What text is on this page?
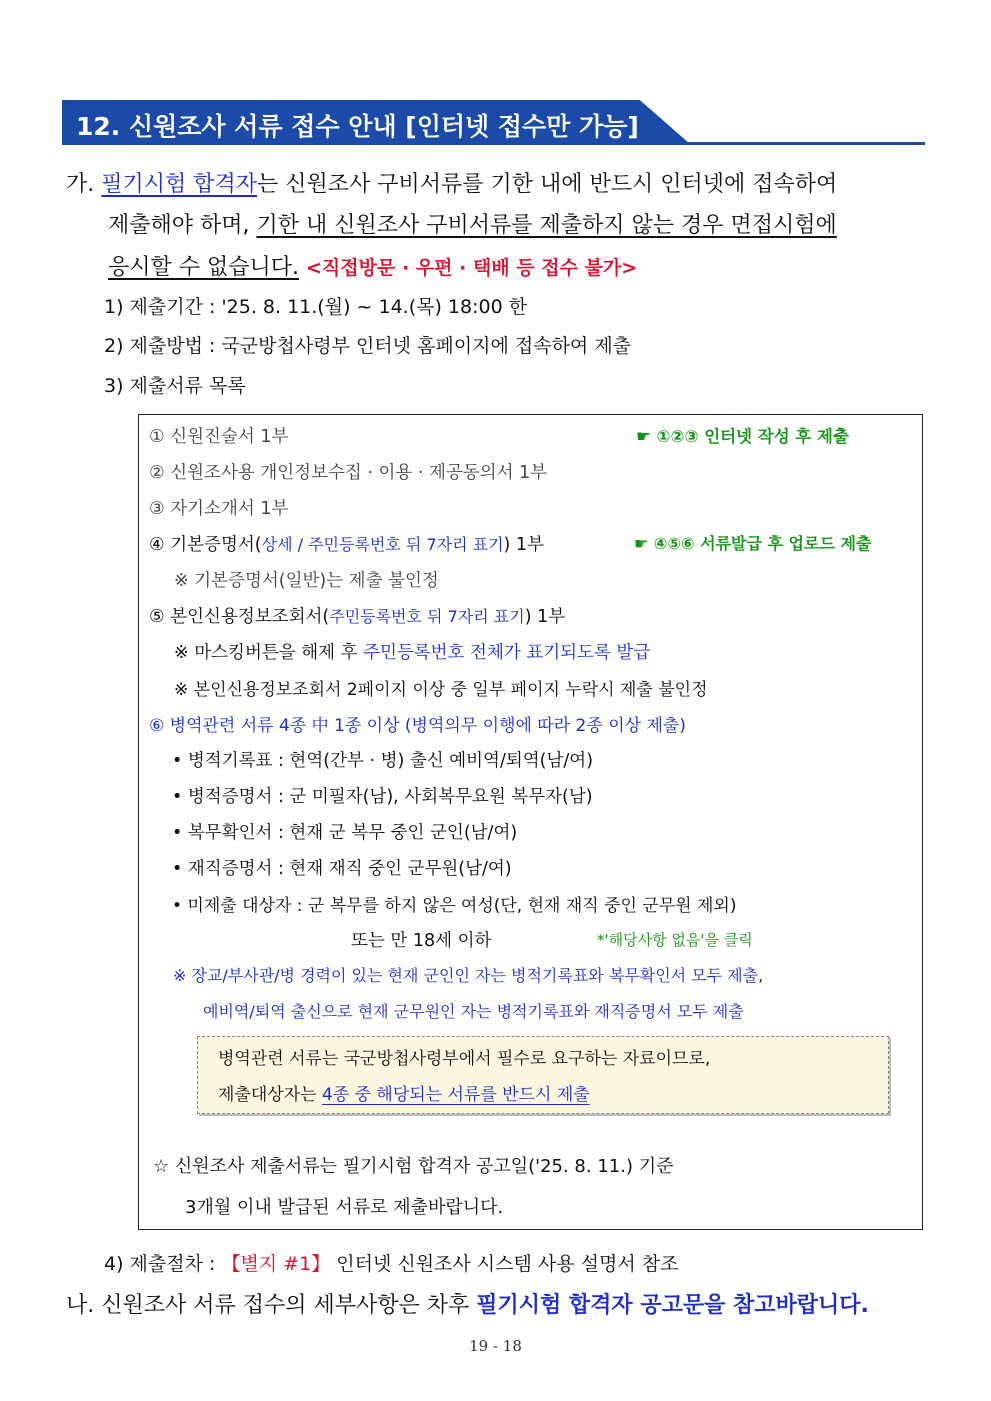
12. 신원조사 서류 접수 안내 [인터넷 접수만 가능]
가. 필기시험 합격자는 신원조사 구비서류를 기한 내에 반드시 인터넷에 접속하여
제출해야 하며, 기한 내 신원조사 구비서류를 제출하지 않는 경우 면접시험에
응시할 수 없습니다. <직접방문 · 우편 · 택배 등 접수 불가>
1) 제출기간 : '25. 8. 11.(월) ~ 14.(목) 18:00 한
2) 제출방법 : 국군방첩사령부 인터넷 홈페이지에 접속하여 제출
3) 제출서류 목록
① 신원진술서 1부	☛ ①②③ 인터넷 작성 후 제출
② 신원조사용 개인정보수집 · 이용 · 제공동의서 1부
③ 자기소개서 1부
④ 기본증명서(상세 / 주민등록번호 뒤 7자리 표기) 1부	☛ ④⑤⑥ 서류발급 후 업로드 제출
※ 기본증명서(일반)는 제출 불인정
⑤ 본인신용정보조회서(주민등록번호 뒤 7자리 표기) 1부
※ 마스킹버튼을 해제 후 주민등록번호 전체가 표기되도록 발급
※ 본인신용정보조회서 2페이지 이상 중 일부 페이지 누락시 제출 불인정
⑥ 병역관련 서류 4종 中 1종 이상 (병역의무 이행에 따라 2종 이상 제출)
• 병적기록표 : 현역(간부 · 병) 출신 예비역/퇴역(남/여)
• 병적증명서 : 군 미필자(남), 사회복무요원 복무자(남)
• 복무확인서 : 현재 군 복무 중인 군인(남/여)
• 재직증명서 : 현재 재직 중인 군무원(남/여)
• 미제출 대상자 : 군 복무를 하지 않은 여성(단, 현재 재직 중인 군무원 제외)
또는 만 18세 이하	*'해당사항 없음'을 클릭
※ 장교/부사관/병 경력이 있는 현재 군인인 자는 병적기록표와 복무확인서 모두 제출,
예비역/퇴역 출신으로 현재 군무원인 자는 병적기록표와 재직증명서 모두 제출
☆ 신원조사 제출서류는 필기시험 합격자 공고일('25. 8. 11.) 기준
3개월 이내 발급된 서류로 제출바랍니다.
병역관련 서류는 국군방첩사령부에서 필수로 요구하는 자료이므로,
제출대상자는 4종 중 해당되는 서류를 반드시 제출
4) 제출절차 : 【별지 #1】 인터넷 신원조사 시스템 사용 설명서 참조
나. 신원조사 서류 접수의 세부사항은 차후 필기시험 합격자 공고문을 참고바랍니다.
19 - 18
